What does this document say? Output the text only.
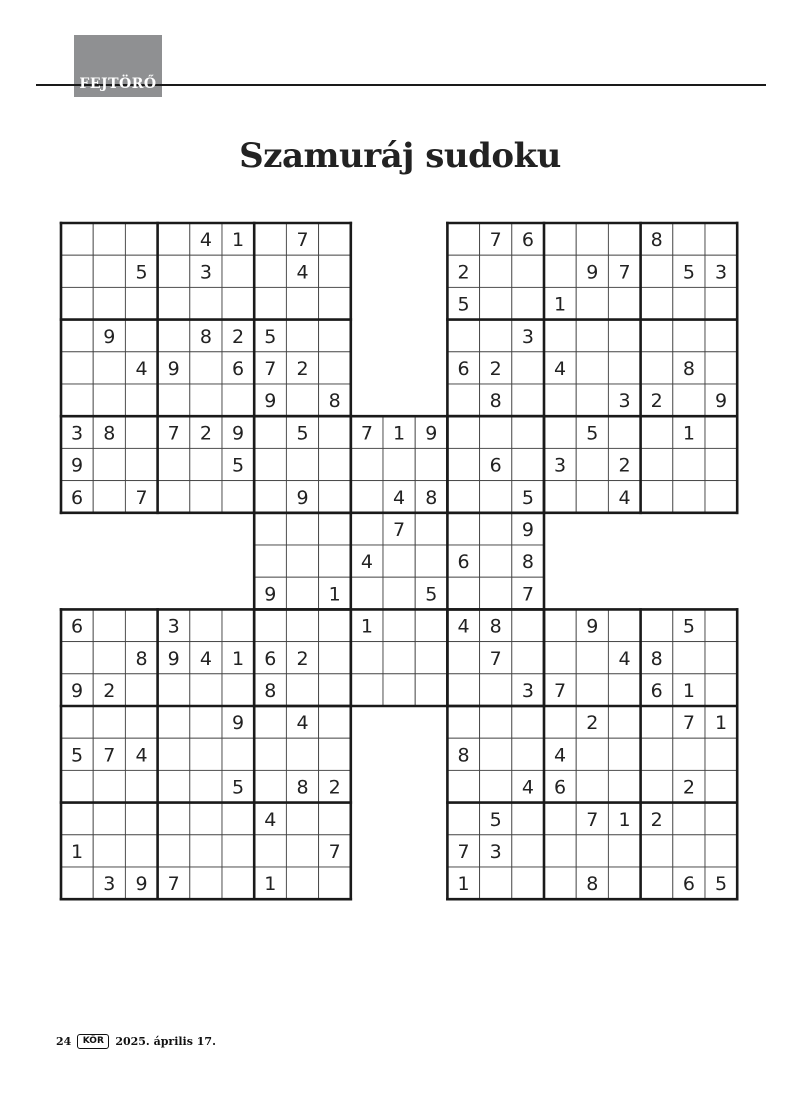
FEJTÖRŐ
Szamuráj sudoku
4 1	7	7 6	8
5	3	4	2	9 7	5 3
5	1
9	8 2 5	3
4 9	6 7 2	6 2	4	8
9	8	8	3 2	9
3 8	7 2 9	5	7 1 9	5	1
9	5	6	3	2
6	7	9	4 8	5	4
7	9
4	6	8
9	1	5	7
6	3	1	4 8	9	5
8 9 4 1 6 2	7	4 8
9 2	8	3 7	6 1
9	4	2	7 1
5 7 4	8	4
5	8 2	4 6	2
4	5	7 1 2
1	7	7 3
3 9 7	1	1	8	6 5
24	KÖR	2025. április 17.
